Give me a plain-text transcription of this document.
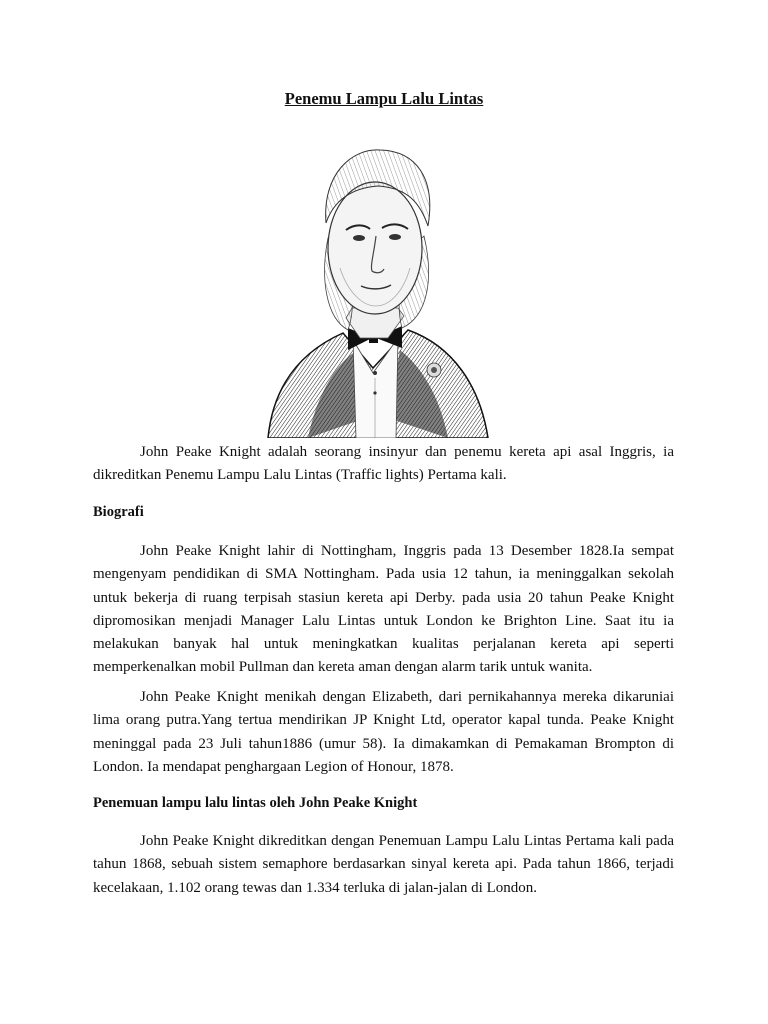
Penemu Lampu Lalu Lintas
John Peake Knight adalah seorang insinyur dan penemu kereta api asal Inggris, ia
dikreditkan Penemu Lampu Lalu Lintas (Traffic lights) Pertama kali.
Biografi
John Peake Knight lahir di Nottingham, Inggris pada 13 Desember 1828.Ia sempat
mengenyam pendidikan di SMA Nottingham. Pada usia 12 tahun, ia meninggalkan sekolah
untuk bekerja di ruang terpisah stasiun kereta api Derby. pada usia 20 tahun Peake Knight
dipromosikan menjadi Manager Lalu Lintas untuk London ke Brighton Line. Saat itu ia
melakukan banyak hal untuk meningkatkan kualitas perjalanan kereta api seperti
memperkenalkan mobil Pullman dan kereta aman dengan alarm tarik untuk wanita.
John Peake Knight menikah dengan Elizabeth, dari pernikahannya mereka dikaruniai
lima orang putra.Yang tertua mendirikan JP Knight Ltd, operator kapal tunda. Peake Knight
meninggal pada 23 Juli tahun1886 (umur 58). Ia dimakamkan di Pemakaman Brompton di
London. Ia mendapat penghargaan Legion of Honour, 1878.
Penemuan lampu lalu lintas oleh John Peake Knight
John Peake Knight dikreditkan dengan Penemuan Lampu Lalu Lintas Pertama kali pada
tahun 1868, sebuah sistem semaphore berdasarkan sinyal kereta api. Pada tahun 1866, terjadi
kecelakaan, 1.102 orang tewas dan 1.334 terluka di jalan-jalan di London.
